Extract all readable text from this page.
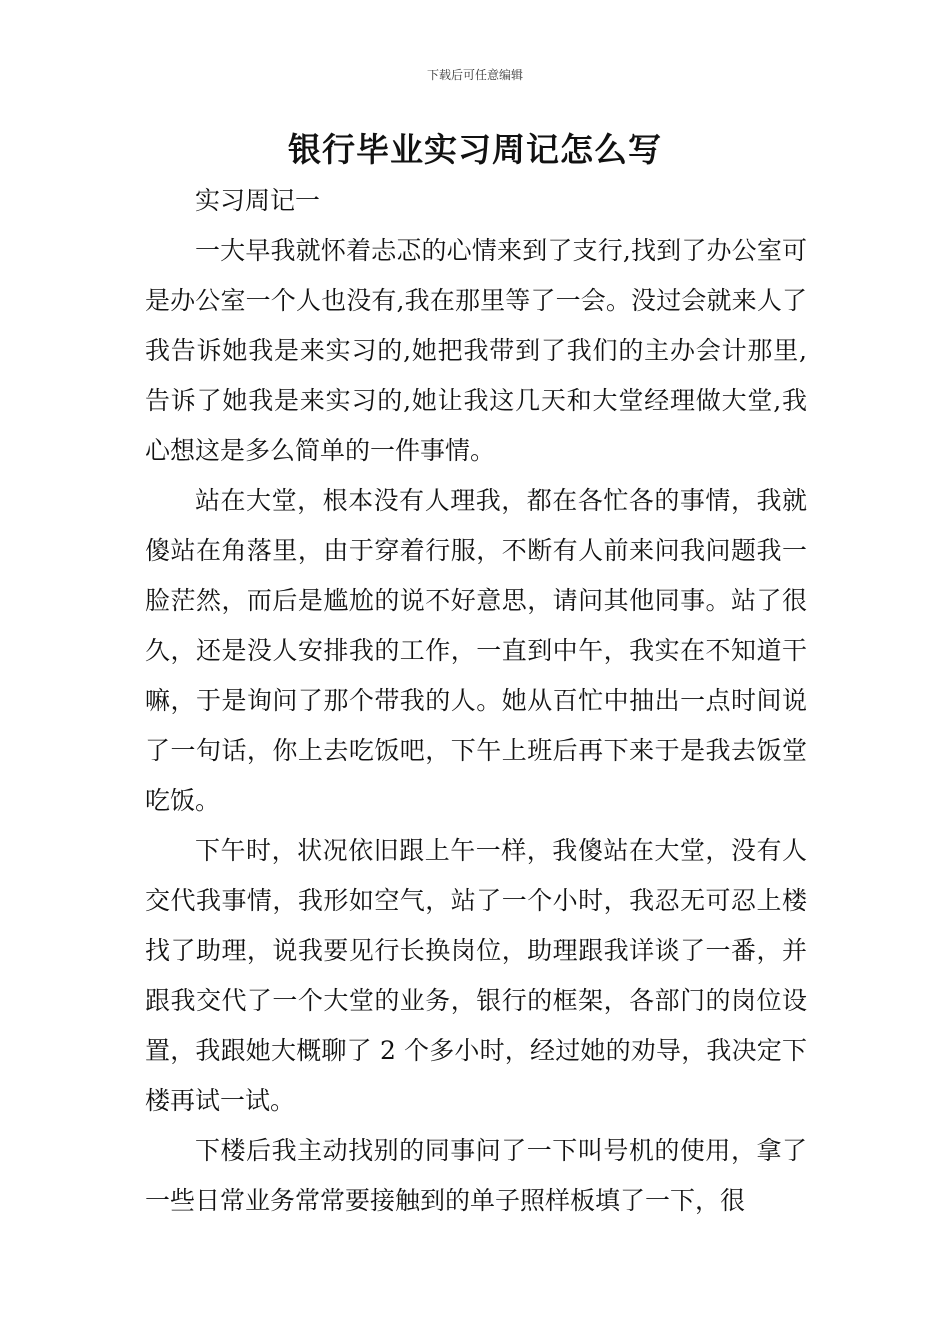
下载后可任意编辑
银行毕业实习周记怎么写

实习周记一

一大早我就怀着忐忑的心情来到了支行,找到了办公室可是办公室一个人也没有,我在那里等了一会。没过会就来人了我告诉她我是来实习的,她把我带到了我们的主办会计那里,告诉了她我是来实习的,她让我这几天和大堂经理做大堂,我心想这是多么简单的一件事情。

站在大堂，根本没有人理我，都在各忙各的事情，我就傻站在角落里，由于穿着行服，不断有人前来问我问题我一脸茫然，而后是尴尬的说不好意思，请问其他同事。站了很久，还是没人安排我的工作，一直到中午，我实在不知道干嘛，于是询问了那个带我的人。她从百忙中抽出一点时间说了一句话，你上去吃饭吧，下午上班后再下来于是我去饭堂吃饭。

下午时，状况依旧跟上午一样，我傻站在大堂，没有人交代我事情，我形如空气，站了一个小时，我忍无可忍上楼找了助理，说我要见行长换岗位，助理跟我详谈了一番，并跟我交代了一个大堂的业务，银行的框架，各部门的岗位设置，我跟她大概聊了 2 个多小时，经过她的劝导，我决定下楼再试一试。

下楼后我主动找别的同事问了一下叫号机的使用，拿了一些日常业务常常要接触到的单子照样板填了一下，很
